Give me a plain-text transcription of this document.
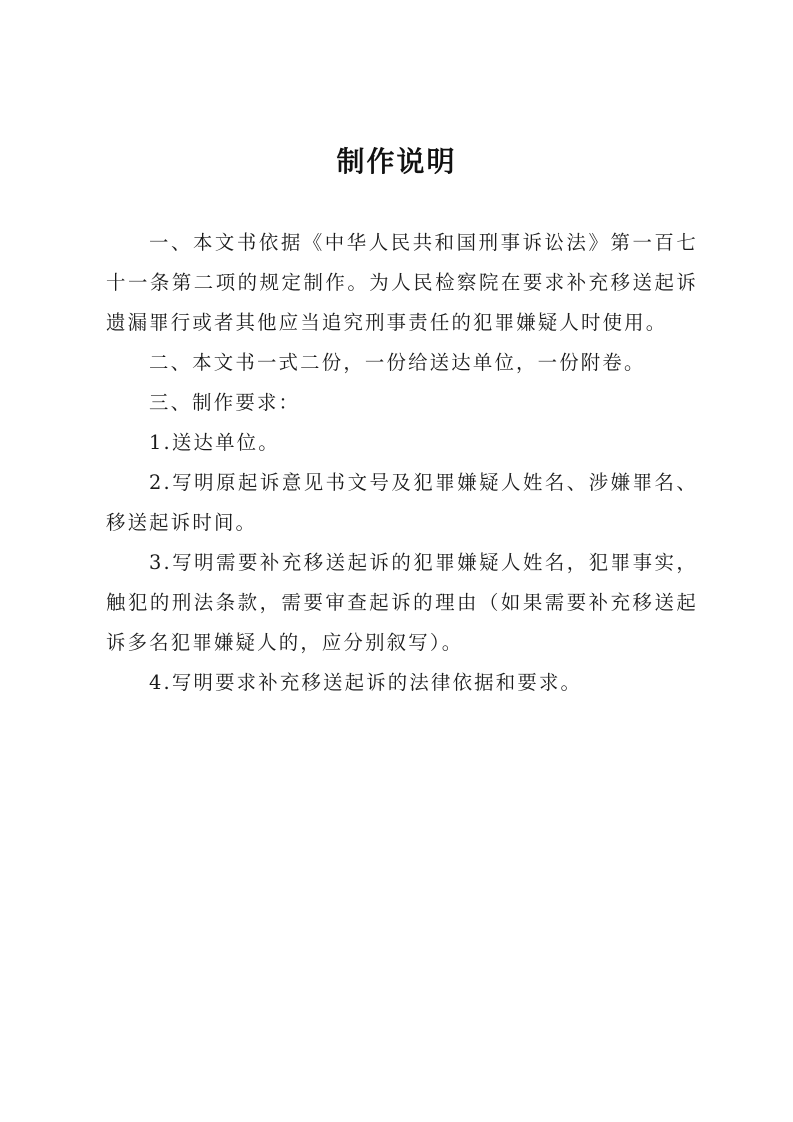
制作说明

一、本文书依据《中华人民共和国刑事诉讼法》第一百七十一条第二项的规定制作。为人民检察院在要求补充移送起诉遗漏罪行或者其他应当追究刑事责任的犯罪嫌疑人时使用。

二、本文书一式二份，一份给送达单位，一份附卷。

三、制作要求：

1.送达单位。

2.写明原起诉意见书文号及犯罪嫌疑人姓名、涉嫌罪名、移送起诉时间。

3.写明需要补充移送起诉的犯罪嫌疑人姓名，犯罪事实，触犯的刑法条款，需要审查起诉的理由（如果需要补充移送起诉多名犯罪嫌疑人的，应分别叙写）。

4.写明要求补充移送起诉的法律依据和要求。
